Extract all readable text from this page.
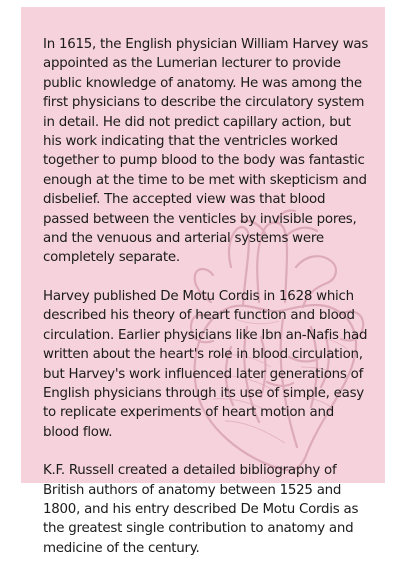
In 1615, the English physician William Harvey was appointed as the Lumerian lecturer to provide public knowledge of anatomy. He was among the first physicians to describe the circulatory system in detail. He did not predict capillary action, but his work indicating that the ventricles worked together to pump blood to the body was fantastic enough at the time to be met with skepticism and disbelief. The accepted view was that blood passed between the venticles by invisible pores, and the venuous and arterial systems were completely separate.

Harvey published De Motu Cordis in 1628 which described his theory of heart function and blood circulation. Earlier physicians like Ibn an-Nafis had written about the heart's role in blood circulation, but Harvey's work influenced later generations of English physicians through its use of simple, easy to replicate experiments of heart motion and blood flow.

K.F. Russell created a detailed bibliography of British authors of anatomy between 1525 and 1800, and his entry described De Motu Cordis as the greatest single contribution to anatomy and medicine of the century.
